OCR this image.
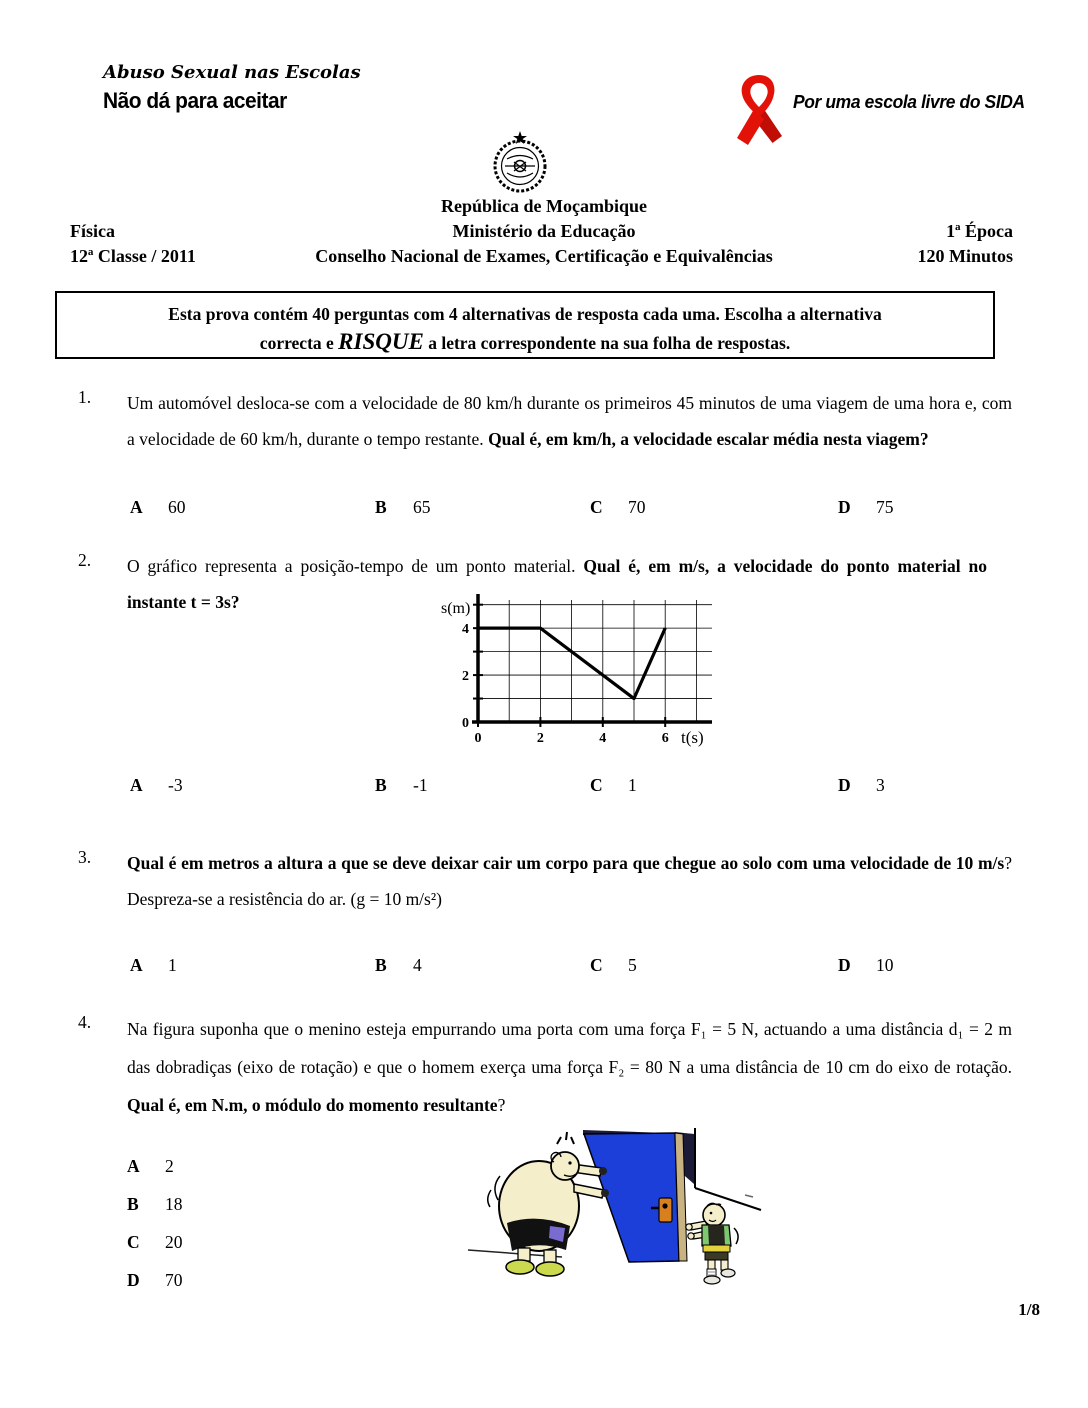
Abuso Sexual nas Escolas
Não dá para aceitar	Por uma escola livre do SIDA
República de Moçambique
Física	Ministério da Educação	1ª Época
12ª Classe / 2011	Conselho Nacional de Exames, Certificação e Equivalências	120 Minutos
Esta prova contém 40 perguntas com 4 alternativas de resposta cada uma. Escolha a alternativa
correcta e RISQUE a letra correspondente na sua folha de respostas.
1. Um automóvel desloca-se com a velocidade de 80 km/h durante os primeiros 45 minutos de uma viagem de uma hora e, com a velocidade de 60 km/h, durante o tempo restante. Qual é, em km/h, a velocidade escalar média nesta viagem?
A 60	B 65	C 70	D 75
2. O gráfico representa a posição-tempo de um ponto material. Qual é, em m/s, a velocidade do ponto material no instante t = 3s?
0
2
4
0	2	4	6
s(m)
t(s)
A -3	B -1	C 1	D 3
3. Qual é em metros a altura a que se deve deixar cair um corpo para que chegue ao solo com uma velocidade de 10 m/s? Despreza-se a resistência do ar. (g = 10 m/s²)
A 1	B 4	C 5	D 10
4. Na figura suponha que o menino esteja empurrando uma porta com uma força F₁ = 5 N, actuando a uma distância d₁ = 2 m das dobradiças (eixo de rotação) e que o homem exerça uma força F₂ = 80 N a uma distância de 10 cm do eixo de rotação. Qual é, em N.m, o módulo do momento resultante?
A 2
B 18
C 20
D 70
1/8
